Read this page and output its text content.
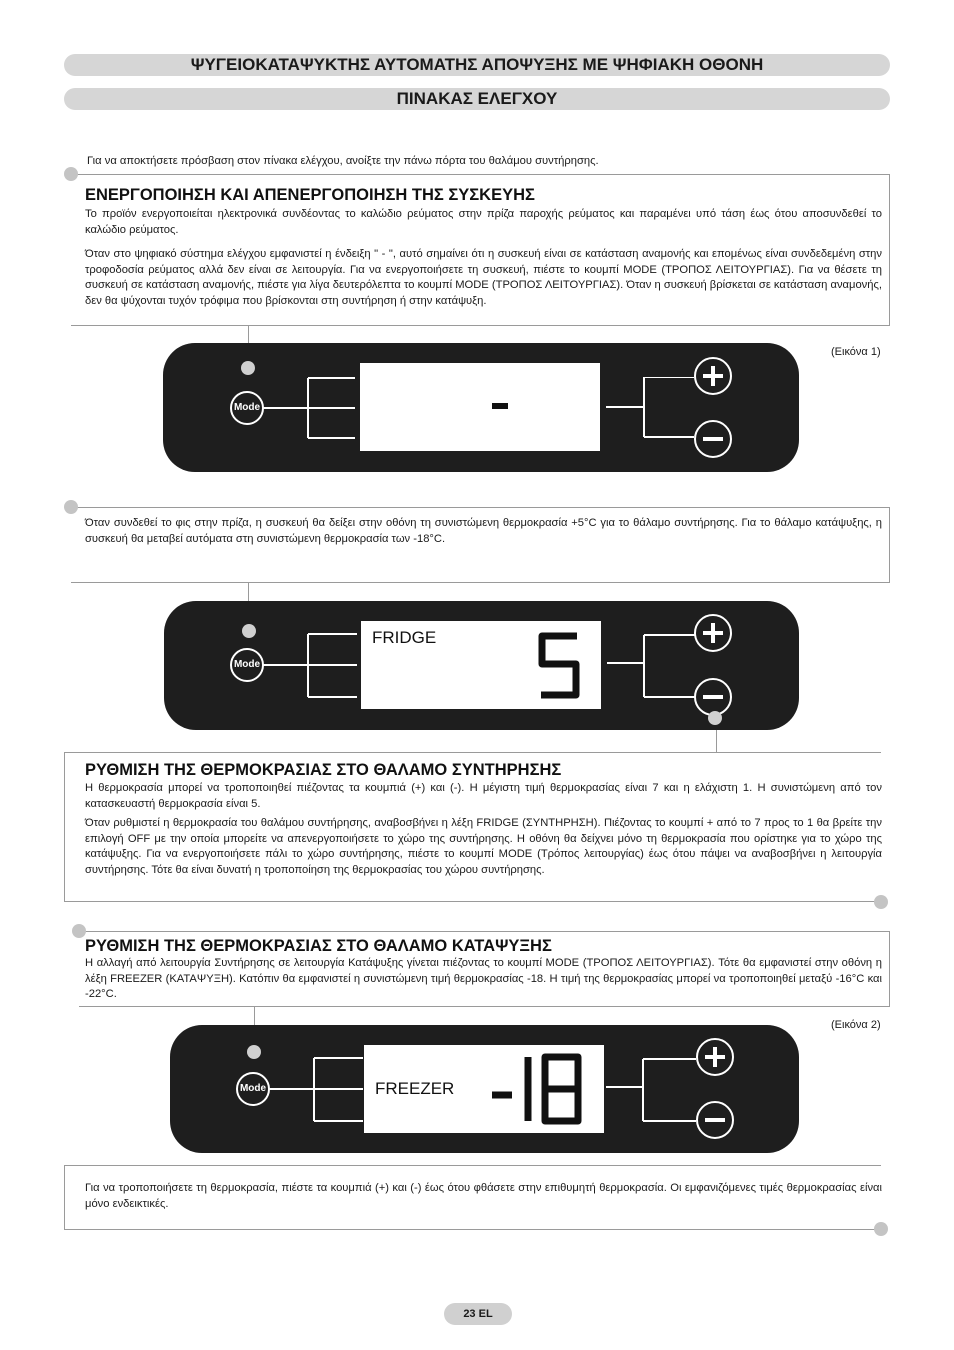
ΨΥΓΕΙΟΚΑΤΑΨΥΚΤΗΣ ΑΥΤΟΜΑΤΗΣ ΑΠΟΨΥΞΗΣ ΜΕ ΨΗΦΙΑΚΗ ΟΘΟΝΗ
ΠΙΝΑΚΑΣ ΕΛΕΓΧΟΥ
Για να αποκτήσετε πρόσβαση στον πίνακα ελέγχου, ανοίξτε την πάνω πόρτα του θαλάμου συντήρησης.
ΕΝΕΡΓΟΠΟΙΗΣΗ ΚΑΙ ΑΠΕΝΕΡΓΟΠΟΙΗΣΗ ΤΗΣ ΣΥΣΚΕΥΗΣ
Το προϊόν ενεργοποιείται ηλεκτρονικά συνδέοντας το καλώδιο ρεύματος στην πρίζα παροχής ρεύματος και παραμένει υπό τάση έως ότου αποσυνδεθεί το καλώδιο ρεύματος.
Όταν στο ψηφιακό σύστημα ελέγχου εμφανιστεί η ένδειξη " - ", αυτό σημαίνει ότι η συσκευή είναι σε κατάσταση αναμονής και επομένως είναι συνδεδεμένη στην τροφοδοσία ρεύματος αλλά δεν είναι σε λειτουργία. Για να ενεργοποιήσετε τη συσκευή, πιέστε το κουμπί MODE (ΤΡΟΠΟΣ ΛΕΙΤΟΥΡΓΙΑΣ). Για να θέσετε τη συσκευή σε κατάσταση αναμονής, πιέστε για λίγα δευτερόλεπτα το κουμπί MODE (ΤΡΟΠΟΣ ΛΕΙΤΟΥΡΓΙΑΣ). Όταν η συσκευή βρίσκεται σε κατάσταση αναμονής, δεν θα ψύχονται τυχόν τρόφιμα που βρίσκονται στη συντήρηση ή στην κατάψυξη.
(Εικόνα 1)
Mode
Όταν συνδεθεί το φις στην πρίζα, η συσκευή θα δείξει στην οθόνη τη συνιστώμενη θερμοκρασία +5°C για το θάλαμο συντήρησης. Για το θάλαμο κατάψυξης, η συσκευή θα μεταβεί αυτόματα στη συνιστώμενη θερμοκρασία των -18°C.
Mode
FRIDGE
ΡΥΘΜΙΣΗ ΤΗΣ ΘΕΡΜΟΚΡΑΣΙΑΣ ΣΤΟ ΘΑΛΑΜΟ ΣΥΝΤΗΡΗΣΗΣ
Η θερμοκρασία μπορεί να τροποποιηθεί πιέζοντας τα κουμπιά (+) και (-). Η μέγιστη τιμή θερμοκρασίας είναι 7 και η ελάχιστη 1. Η συνιστώμενη από τον κατασκευαστή θερμοκρασία είναι 5.
Όταν ρυθμιστεί η θερμοκρασία του θαλάμου συντήρησης, αναβοσβήνει η λέξη FRIDGE (ΣΥΝΤΗΡΗΣΗ). Πιέζοντας το κουμπί + από το 7 προς το 1 θα βρείτε την επιλογή OFF με την οποία μπορείτε να απενεργοποιήσετε το χώρο της συντήρησης. Η οθόνη θα δείχνει μόνο τη θερμοκρασία που ορίστηκε για το χώρο της κατάψυξης. Για να ενεργοποιήσετε πάλι το χώρο συντήρησης, πιέστε το κουμπί MODE (Τρόπος λειτουργίας) έως ότου πάψει να αναβοσβήνει η λειτουργία συντήρησης. Τότε θα είναι δυνατή η τροποποίηση της θερμοκρασίας του χώρου συντήρησης.
ΡΥΘΜΙΣΗ ΤΗΣ ΘΕΡΜΟΚΡΑΣΙΑΣ ΣΤΟ ΘΑΛΑΜΟ ΚΑΤΑΨΥΞΗΣ
Η αλλαγή από λειτουργία Συντήρησης σε λειτουργία Κατάψυξης γίνεται πιέζοντας το κουμπί MODE (ΤΡΟΠΟΣ ΛΕΙΤΟΥΡΓΙΑΣ). Τότε θα εμφανιστεί στην οθόνη η λέξη FREEZER (ΚΑΤΑΨΥΞΗ). Κατόπιν θα εμφανιστεί η συνιστώμενη τιμή θερμοκρασίας -18. Η τιμή της θερμοκρασίας μπορεί να τροποποιηθεί μεταξύ -16°C και -22°C.
(Εικόνα 2)
Mode	FREEZER
Για να τροποποιήσετε τη θερμοκρασία, πιέστε τα κουμπιά (+) και (-) έως ότου φθάσετε στην επιθυμητή θερμοκρασία. Οι εμφανιζόμενες τιμές θερμοκρασίας είναι μόνο ενδεικτικές.
23 EL
